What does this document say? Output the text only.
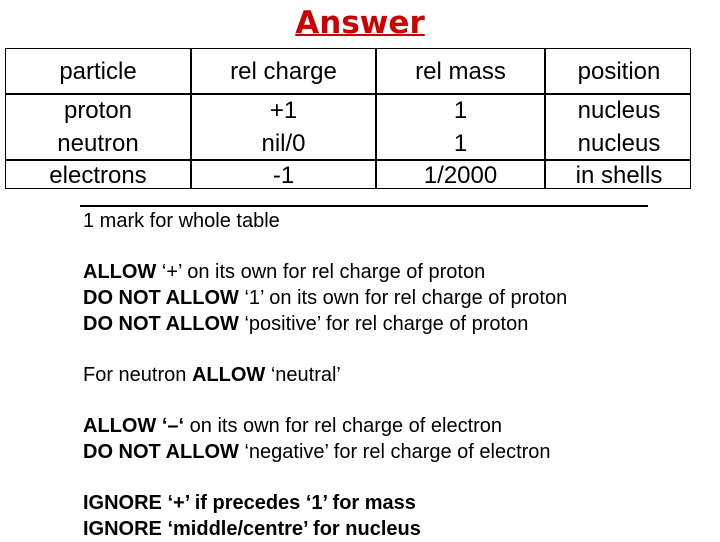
Answer
particle	rel charge	rel mass	position
proton	+1	1	nucleus
neutron	nil/0	1	nucleus
electrons	-1	1/2000	in shells

1 mark for whole table

ALLOW ‘+’ on its own for rel charge of proton

DO NOT ALLOW ‘1’ on its own for rel charge of proton

DO NOT ALLOW ‘positive’ for rel charge of proton

For neutron ALLOW ‘neutral’

ALLOW ‘–‘ on its own for rel charge of electron

DO NOT ALLOW ‘negative’ for rel charge of electron

IGNORE ‘+’ if precedes ‘1’ for mass

IGNORE ‘middle/centre’ for nucleus
